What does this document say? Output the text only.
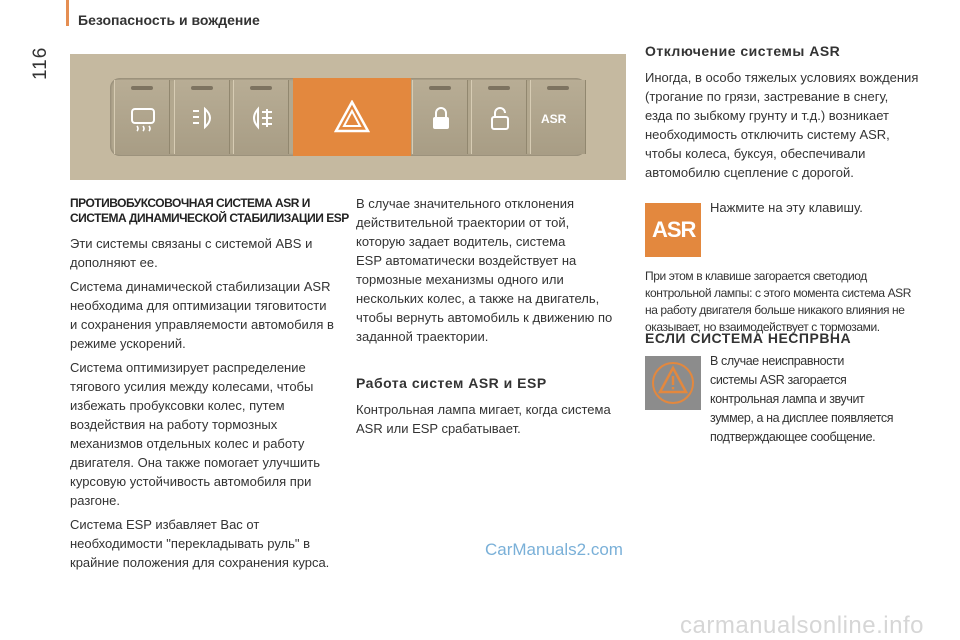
Безопасность и вождение
116
ASR
ПРОТИВОБУКСОВОЧНАЯ СИСТЕМА ASR И
СИСТЕМА ДИНАМИЧЕСКОЙ СТАБИЛИЗАЦИИ ESP
Эти системы связаны с системой ABS и
дополняют ее.
Система динамической стабилизации ASR
необходима для оптимизации тяговитости
и сохранения управляемости автомобиля в
режиме ускорений.
Система оптимизирует распределение
тягового усилия между колесами, чтобы
избежать пробуксовки колес, путем
воздействия на работу тормозных
механизмов отдельных колес и работу
двигателя. Она также помогает улучшить
курсовую устойчивость автомобиля при
разгоне.
Система ESP избавляет Вас от
необходимости "перекладывать руль" в
крайние положения для сохранения курса.
В случае значительного отклонения
действительной траектории от той,
которую задает водитель, система
ESP автоматически воздействует на
тормозные механизмы одного или
нескольких колес, а также на двигатель,
чтобы вернуть автомобиль к движению по
заданной траектории.
Работа систем ASR и ESP
Контрольная лампа мигает, когда система
ASR или ESP срабатывает.
Отключение системы ASR
Иногда, в особо тяжелых условиях вождения
(трогание по грязи, застревание в снегу,
езда по зыбкому грунту и т.д.) возникает
необходимость отключить систему ASR,
чтобы колеса, буксуя, обеспечивали
автомобилю сцепление с дорогой.
ASR
Нажмите на эту клавишу.
При этом в клавише загорается светодиод
контрольной лампы: с этого момента система ASR
на работу двигателя больше никакого влияния не
оказывает, но взаимодействует с тормозами.
ЕСЛИ СИСТЕМА НЕСПРВНА
В случае неисправности
системы ASR загорается
контрольная лампа и звучит
зуммер, а на дисплее появляется
подтверждающее сообщение.
CarManuals2.com
carmanualsonline.info
